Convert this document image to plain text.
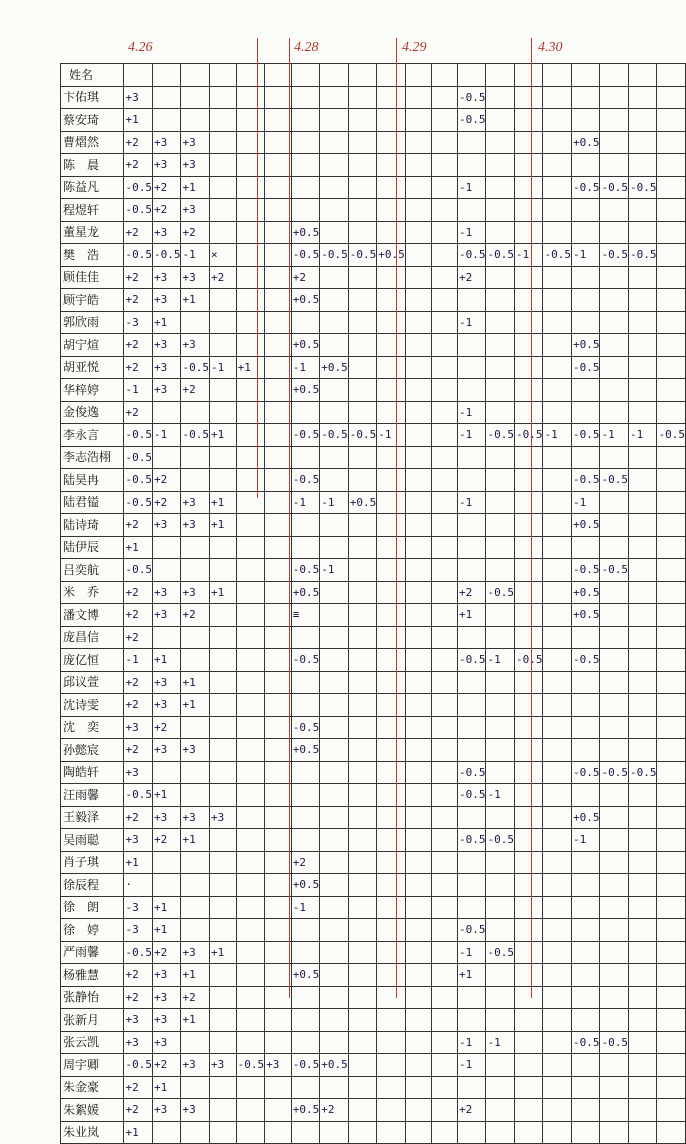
4.26	4.28	4.29	4.30
姓名																				
卞佑琪	+3												-0.5							
蔡安琦	+1												-0.5							
曹熠然	+2	+3	+3														+0.5			
陈　晨	+2	+3	+3																	
陈益凡	-0.5	+2	+1										-1				-0.5	-0.5	-0.5	
程煜轩	-0.5	+2	+3																	
董星龙	+2	+3	+2				+0.5						-1							
樊　浩	-0.5	-0.5	-1	×			-0.5	-0.5	-0.5	+0.5			-0.5	-0.5	-1	-0.5	-1	-0.5	-0.5	
顾佳佳	+2	+3	+3	+2			+2						+2							
顾宇皓	+2	+3	+1				+0.5													
郭欣雨	-3	+1											-1							
胡宁煊	+2	+3	+3				+0.5										+0.5			
胡亚悦	+2	+3	-0.5	-1	+1		-1	+0.5									-0.5			
华梓婷	-1	+3	+2				+0.5													
金俊逸	+2												-1							
李永言	-0.5	-1	-0.5	+1			-0.5	-0.5	-0.5	-1			-1	-0.5	-0.5	-1	-0.5	-1	-1	-0.5
李志浩栩	-0.5																			
陆昊冉	-0.5	+2					-0.5										-0.5	-0.5		
陆君镒	-0.5	+2	+3	+1			-1	-1	+0.5				-1				-1			
陆诗琦	+2	+3	+3	+1													+0.5			
陆伊辰	+1																			
吕奕航	-0.5						-0.5	-1									-0.5	-0.5		
米　乔	+2	+3	+3	+1			+0.5						+2	-0.5			+0.5			
潘文博	+2	+3	+2				≡						+1				+0.5			
庞昌信	+2																			
庞亿恒	-1	+1					-0.5						-0.5	-1	-0.5		-0.5			
邱议萱	+2	+3	+1																	
沈诗雯	+2	+3	+1																	
沈　奕	+3	+2					-0.5													
孙懿宸	+2	+3	+3				+0.5													
陶皓轩	+3												-0.5				-0.5	-0.5	-0.5	
汪雨馨	-0.5	+1											-0.5	-1						
王毅泽	+2	+3	+3	+3													+0.5			
吴雨聪	+3	+2	+1										-0.5	-0.5			-1			
肖子琪	+1						+2													
徐辰程	·						+0.5													
徐　朗	-3	+1					-1													
徐　婷	-3	+1											-0.5							
严雨馨	-0.5	+2	+3	+1									-1	-0.5						
杨雅慧	+2	+3	+1				+0.5						+1							
张静怡	+2	+3	+2																	
张新月	+3	+3	+1																	
张云凯	+3	+3											-1	-1			-0.5	-0.5		
周宇卿	-0.5	+2	+3	+3	-0.5	+3	-0.5	+0.5					-1							
朱金豪	+2	+1																		
朱絮媛	+2	+3	+3				+0.5	+2					+2							
朱业岚	+1																			
